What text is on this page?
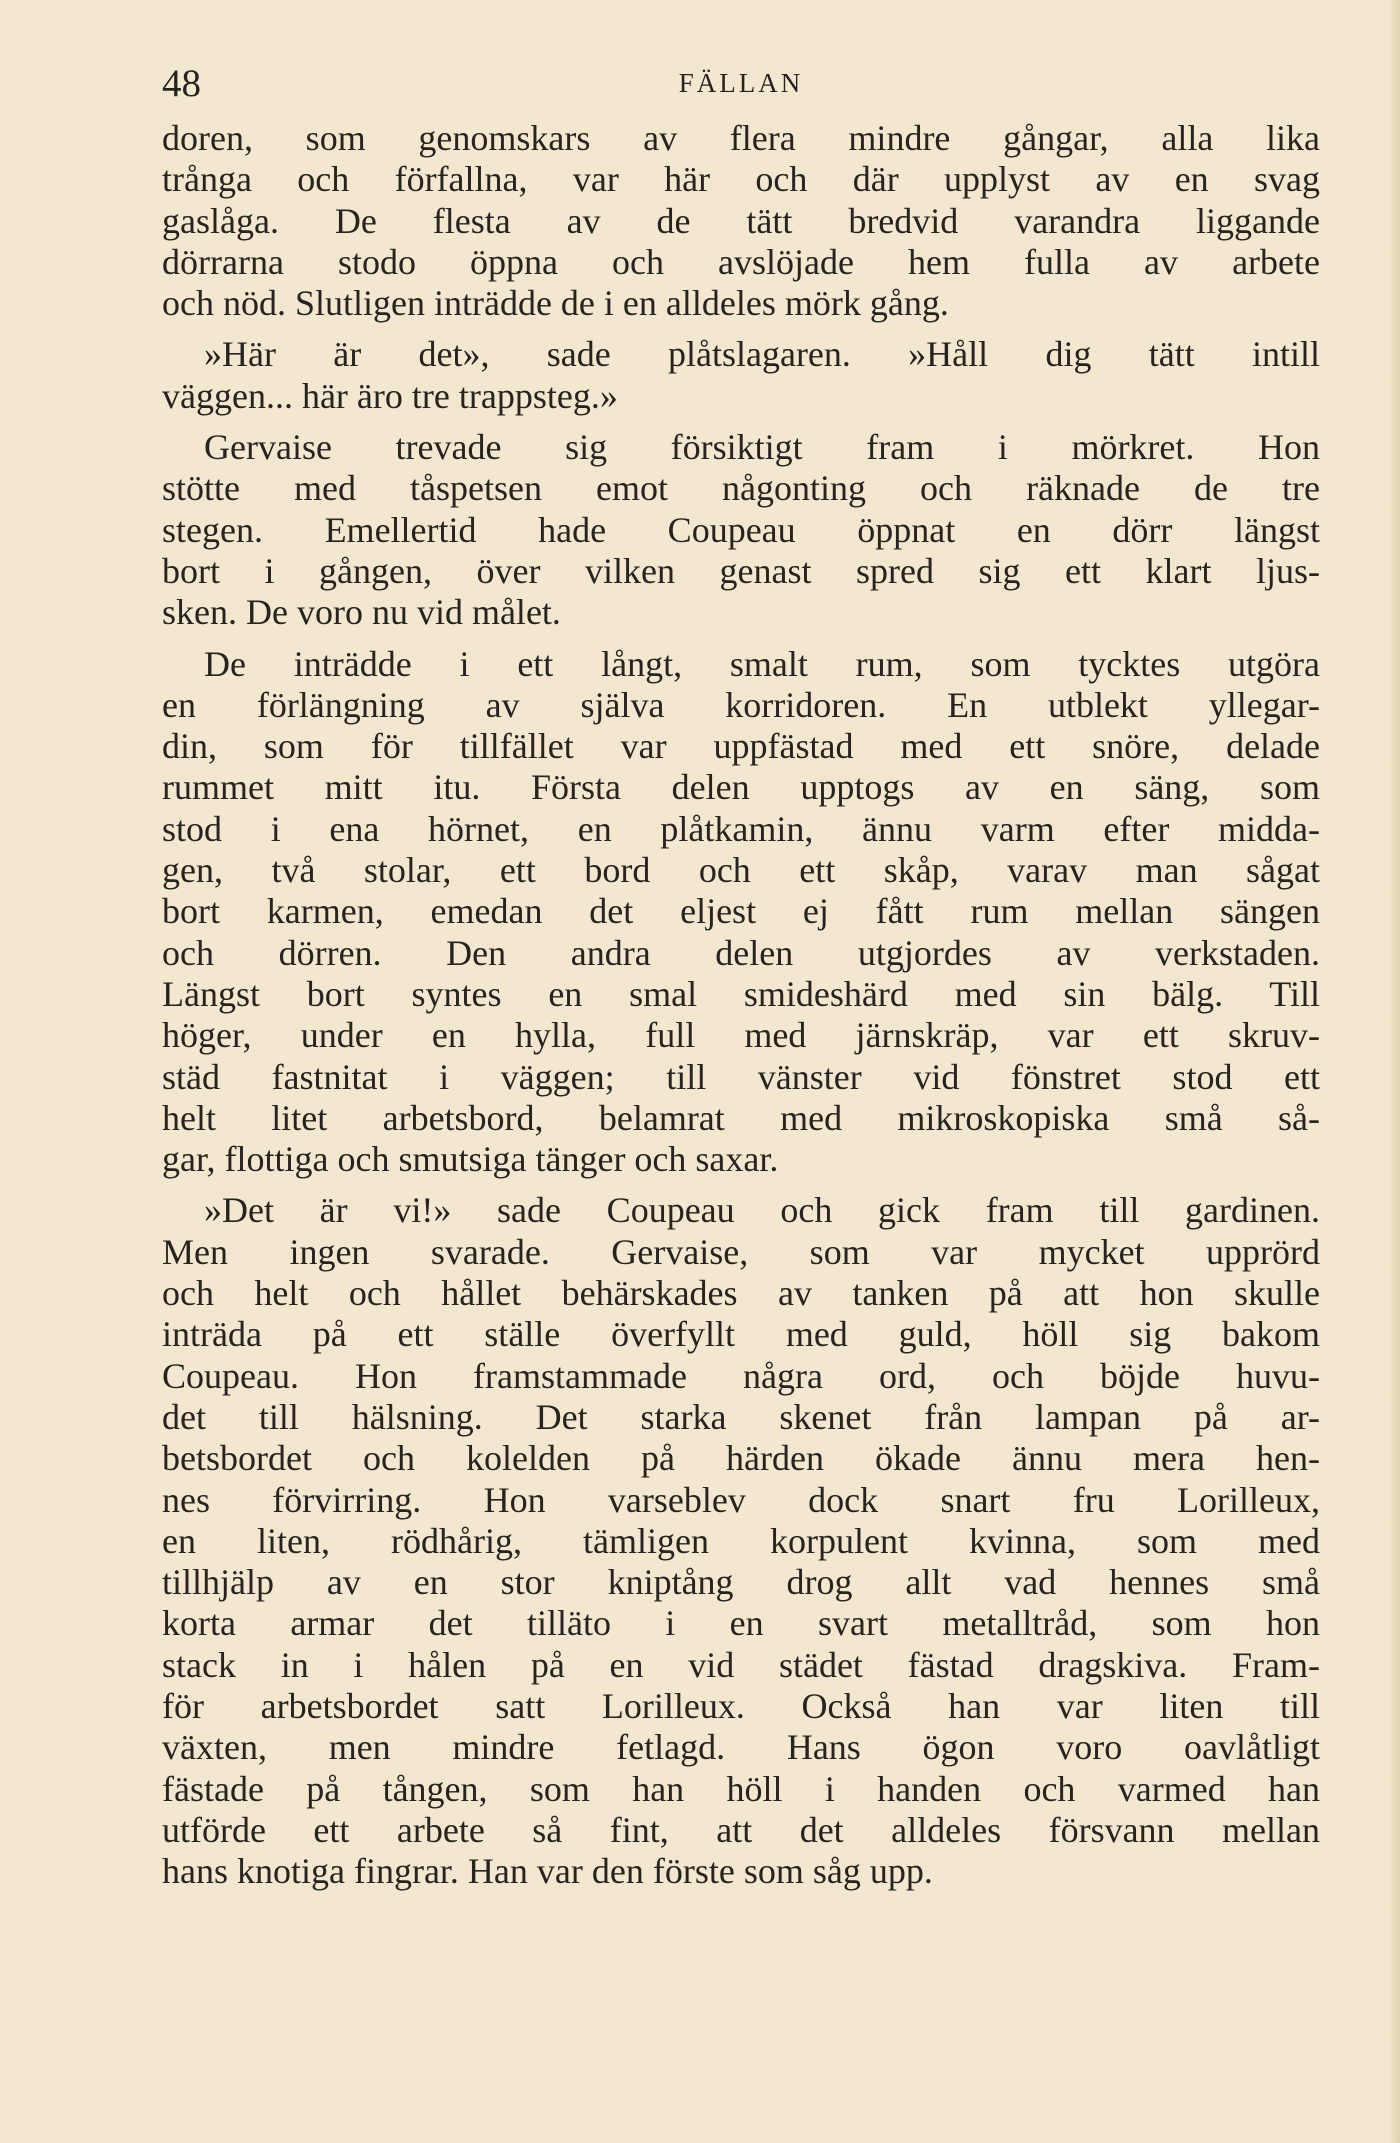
48	FÄLLAN
doren, som genomskars av flera mindre gångar, alla lika
trånga och förfallna, var här och där upplyst av en svag
gaslåga. De flesta av de tätt bredvid varandra liggande
dörrarna stodo öppna och avslöjade hem fulla av arbete
och nöd. Slutligen inträdde de i en alldeles mörk gång.
»Här är det», sade plåtslagaren. »Håll dig tätt intill
väggen... här äro tre trappsteg.»
Gervaise trevade sig försiktigt fram i mörkret. Hon
stötte med tåspetsen emot någonting och räknade de tre
stegen. Emellertid hade Coupeau öppnat en dörr längst
bort i gången, över vilken genast spred sig ett klart ljus-
sken. De voro nu vid målet.
De inträdde i ett långt, smalt rum, som tycktes utgöra
en förlängning av själva korridoren. En utblekt yllegar-
din, som för tillfället var uppfästad med ett snöre, delade
rummet mitt itu. Första delen upptogs av en säng, som
stod i ena hörnet, en plåtkamin, ännu varm efter midda-
gen, två stolar, ett bord och ett skåp, varav man sågat
bort karmen, emedan det eljest ej fått rum mellan sängen
och dörren. Den andra delen utgjordes av verkstaden.
Längst bort syntes en smal smideshärd med sin bälg. Till
höger, under en hylla, full med järnskräp, var ett skruv-
städ fastnitat i väggen; till vänster vid fönstret stod ett
helt litet arbetsbord, belamrat med mikroskopiska små så-
gar, flottiga och smutsiga tänger och saxar.
»Det är vi!» sade Coupeau och gick fram till gardinen.
Men ingen svarade. Gervaise, som var mycket upprörd
och helt och hållet behärskades av tanken på att hon skulle
inträda på ett ställe överfyllt med guld, höll sig bakom
Coupeau. Hon framstammade några ord, och böjde huvu-
det till hälsning. Det starka skenet från lampan på ar-
betsbordet och kolelden på härden ökade ännu mera hen-
nes förvirring. Hon varseblev dock snart fru Lorilleux,
en liten, rödhårig, tämligen korpulent kvinna, som med
tillhjälp av en stor kniptång drog allt vad hennes små
korta armar det tilläto i en svart metalltråd, som hon
stack in i hålen på en vid städet fästad dragskiva. Fram-
för arbetsbordet satt Lorilleux. Också han var liten till
växten, men mindre fetlagd. Hans ögon voro oavlåtligt
fästade på tången, som han höll i handen och varmed han
utförde ett arbete så fint, att det alldeles försvann mellan
hans knotiga fingrar. Han var den förste som såg upp.
